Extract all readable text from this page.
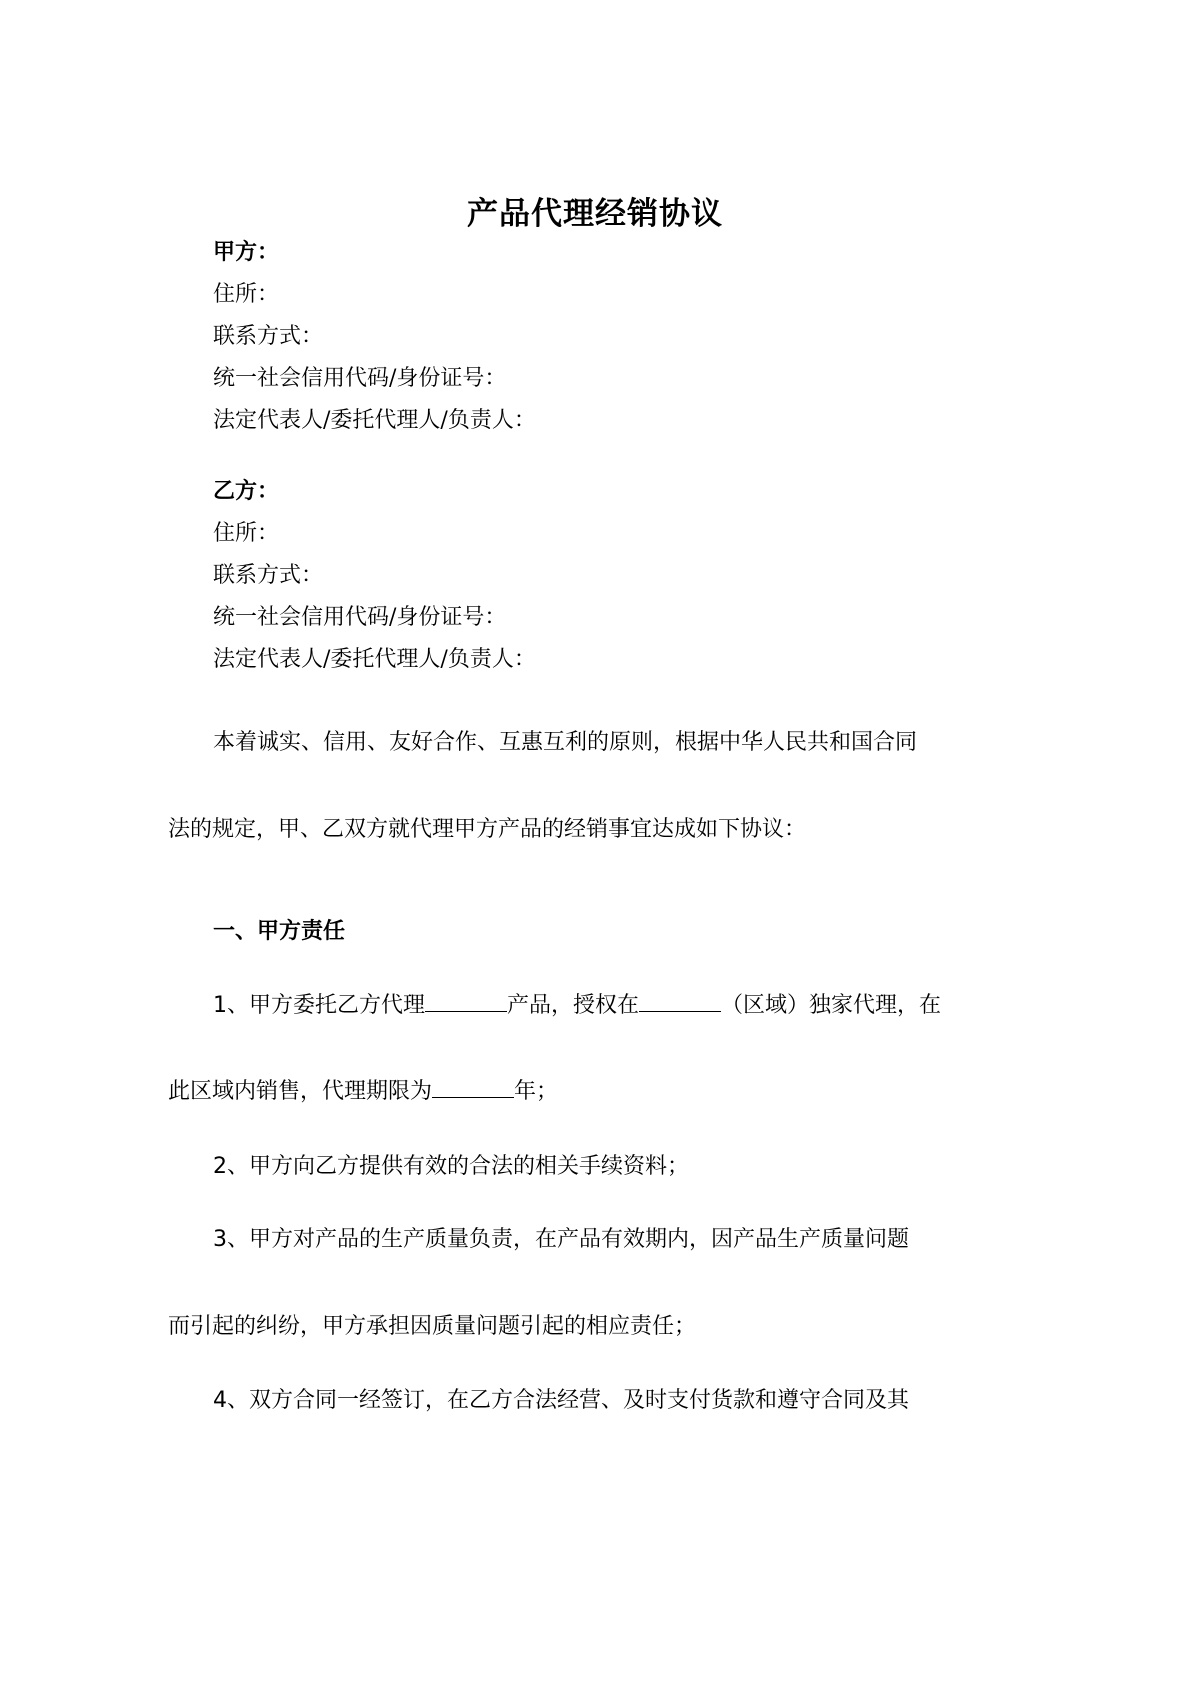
产品代理经销协议
甲方：
住所：
联系方式：
统一社会信用代码/身份证号：
法定代表人/委托代理人/负责人：
乙方：
住所：
联系方式：
统一社会信用代码/身份证号：
法定代表人/委托代理人/负责人：
本着诚实、信用、友好合作、互惠互利的原则，根据中华人民共和国合同
法的规定，甲、乙双方就代理甲方产品的经销事宜达成如下协议：
一、甲方责任
1、甲方委托乙方代理	产品，授权在	（区域）独家代理，在
此区域内销售，代理期限为	年；
2、甲方向乙方提供有效的合法的相关手续资料；
3、甲方对产品的生产质量负责，在产品有效期内，因产品生产质量问题
而引起的纠纷，甲方承担因质量问题引起的相应责任；
4、双方合同一经签订，在乙方合法经营、及时支付货款和遵守合同及其
